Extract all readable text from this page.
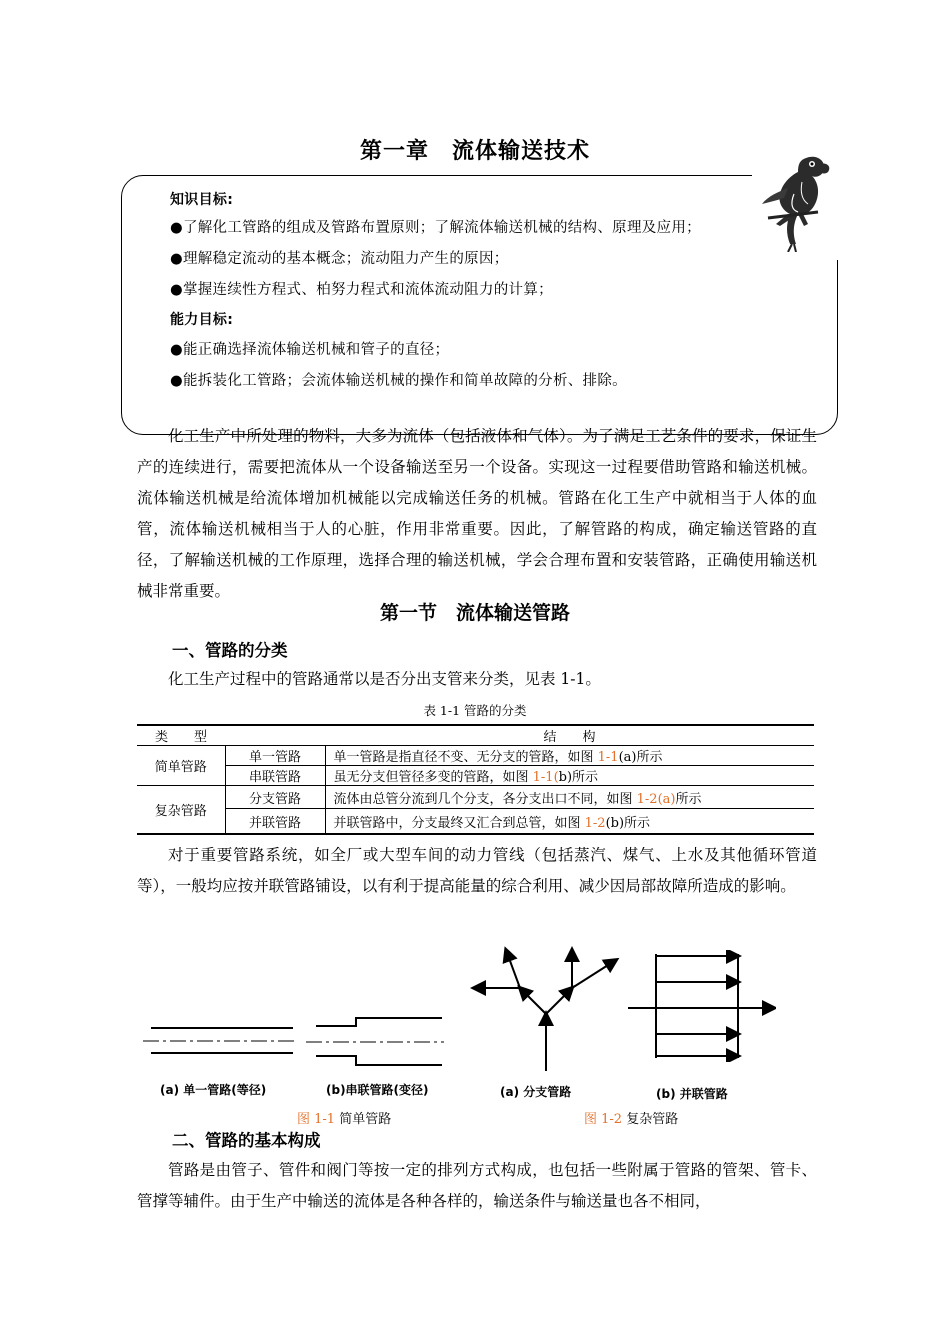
第一章　流体输送技术
知识目标:
●了解化工管路的组成及管路布置原则；了解流体输送机械的结构、原理及应用；
●理解稳定流动的基本概念；流动阻力产生的原因；
●掌握连续性方程式、柏努力程式和流体流动阻力的计算；
能力目标:
●能正确选择流体输送机械和管子的直径；
●能拆装化工管路；会流体输送机械的操作和简单故障的分析、排除。

化工生产中所处理的物料，大多为流体（包括液体和气体）。为了满足工艺条件的要求，保证生产的连续进行，需要把流体从一个设备输送至另一个设备。实现这一过程要借助管路和输送机械。流体输送机械是给流体增加机械能以完成输送任务的机械。管路在化工生产中就相当于人体的血管，流体输送机械相当于人的心脏，作用非常重要。因此，了解管路的构成，确定输送管路的直径，了解输送机械的工作原理，选择合理的输送机械，学会合理布置和安装管路，正确使用输送机械非常重要。

第一节　流体输送管路
一、管路的分类

化工生产过程中的管路通常以是否分出支管来分类，见表 1-1。

表 1-1 管路的分类
类　　型		结　　构
简单管路	单一管路	单一管路是指直径不变、无分支的管路，如图 1-1(a)所示
	串联管路	虽无分支但管径多变的管路，如图 1-1(b)所示
复杂管路	分支管路	流体由总管分流到几个分支，各分支出口不同，如图 1-2(a)所示
	并联管路	并联管路中，分支最终又汇合到总管，如图 1-2(b)所示

对于重要管路系统，如全厂或大型车间的动力管线（包括蒸汽、煤气、上水及其他循环管道等），一般均应按并联管路铺设，以有利于提高能量的综合利用、减少因局部故障所造成的影响。

(a) 单一管路(等径)	(b)串联管路(变径)	(a) 分支管路	(b) 并联管路
图 1-1 简单管路	图 1-2 复杂管路
二、管路的基本构成

管路是由管子、管件和阀门等按一定的排列方式构成，也包括一些附属于管路的管架、管卡、管撑等辅件。由于生产中输送的流体是各种各样的，输送条件与输送量也各不相同，
